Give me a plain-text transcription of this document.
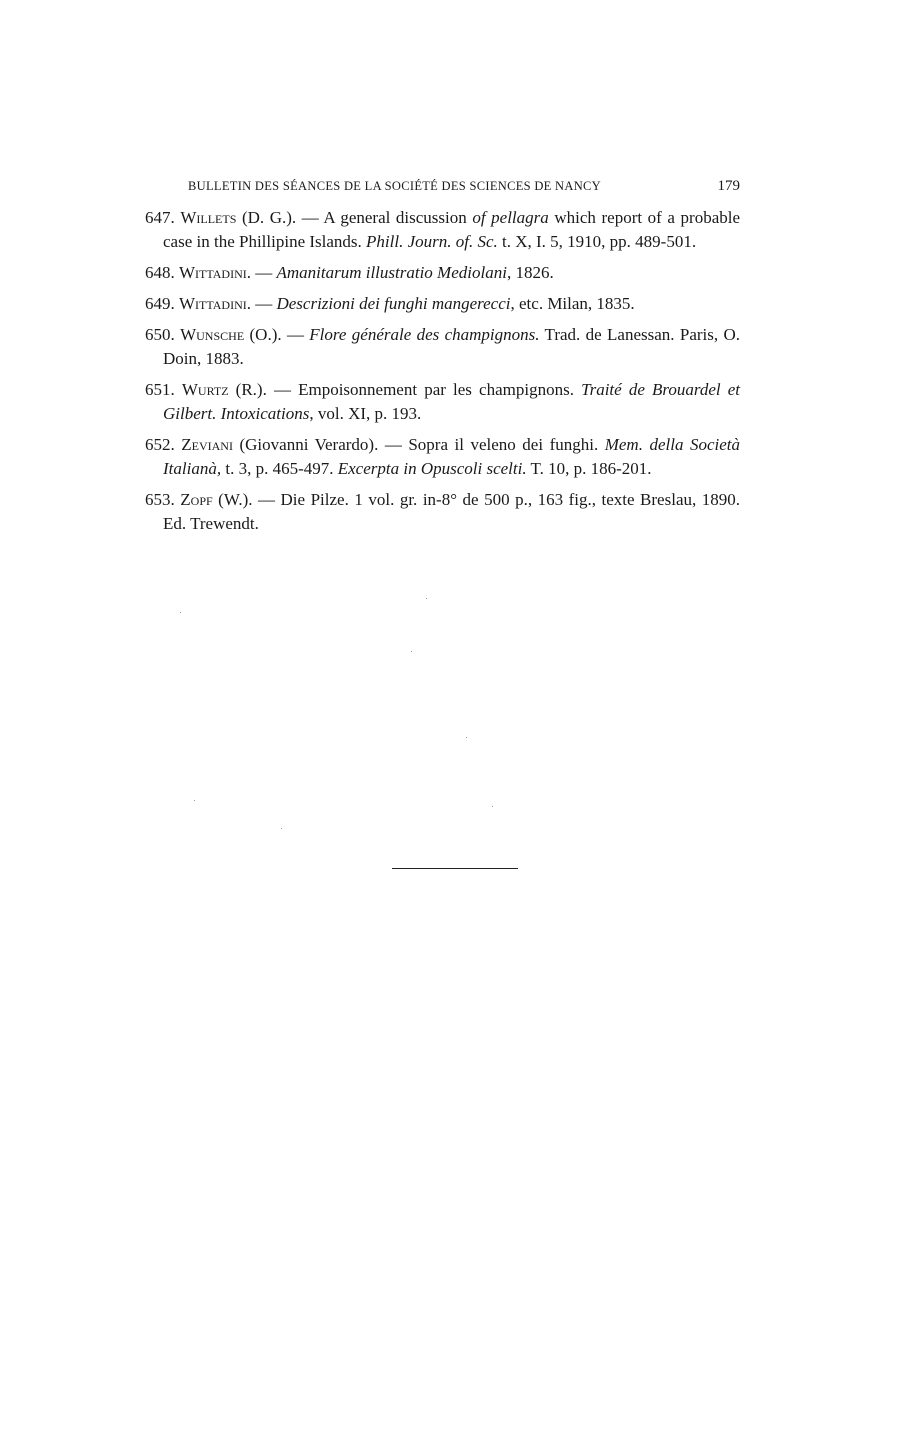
BULLETIN DES SÉANCES DE LA SOCIÉTÉ DES SCIENCES DE NANCY	179
647. Willets (D. G.). — A general discussion of pellagra which report of a probable case in the Phillipine Islands. Phill. Journ. of. Sc. t. X, I. 5, 1910, pp. 489-501.
648. Wittadini. — Amanitarum illustratio Mediolani, 1826.
649. Wittadini. — Descrizioni dei funghi mangerecci, etc. Milan, 1835.
650. Wunsche (O.). — Flore générale des champignons. Trad. de Lanessan. Paris, O. Doin, 1883.
651. Wurtz (R.). — Empoisonnement par les champignons. Traité de Brouardel et Gilbert. Intoxications, vol. XI, p. 193.
652. Zeviani (Giovanni Verardo). — Sopra il veleno dei funghi. Mem. della Società Italianà, t. 3, p. 465-497. Excerpta in Opuscoli scelti. T. 10, p. 186-201.
653. Zopf (W.). — Die Pilze. 1 vol. gr. in-8° de 500 p., 163 fig., texte Breslau, 1890. Ed. Trewendt.
